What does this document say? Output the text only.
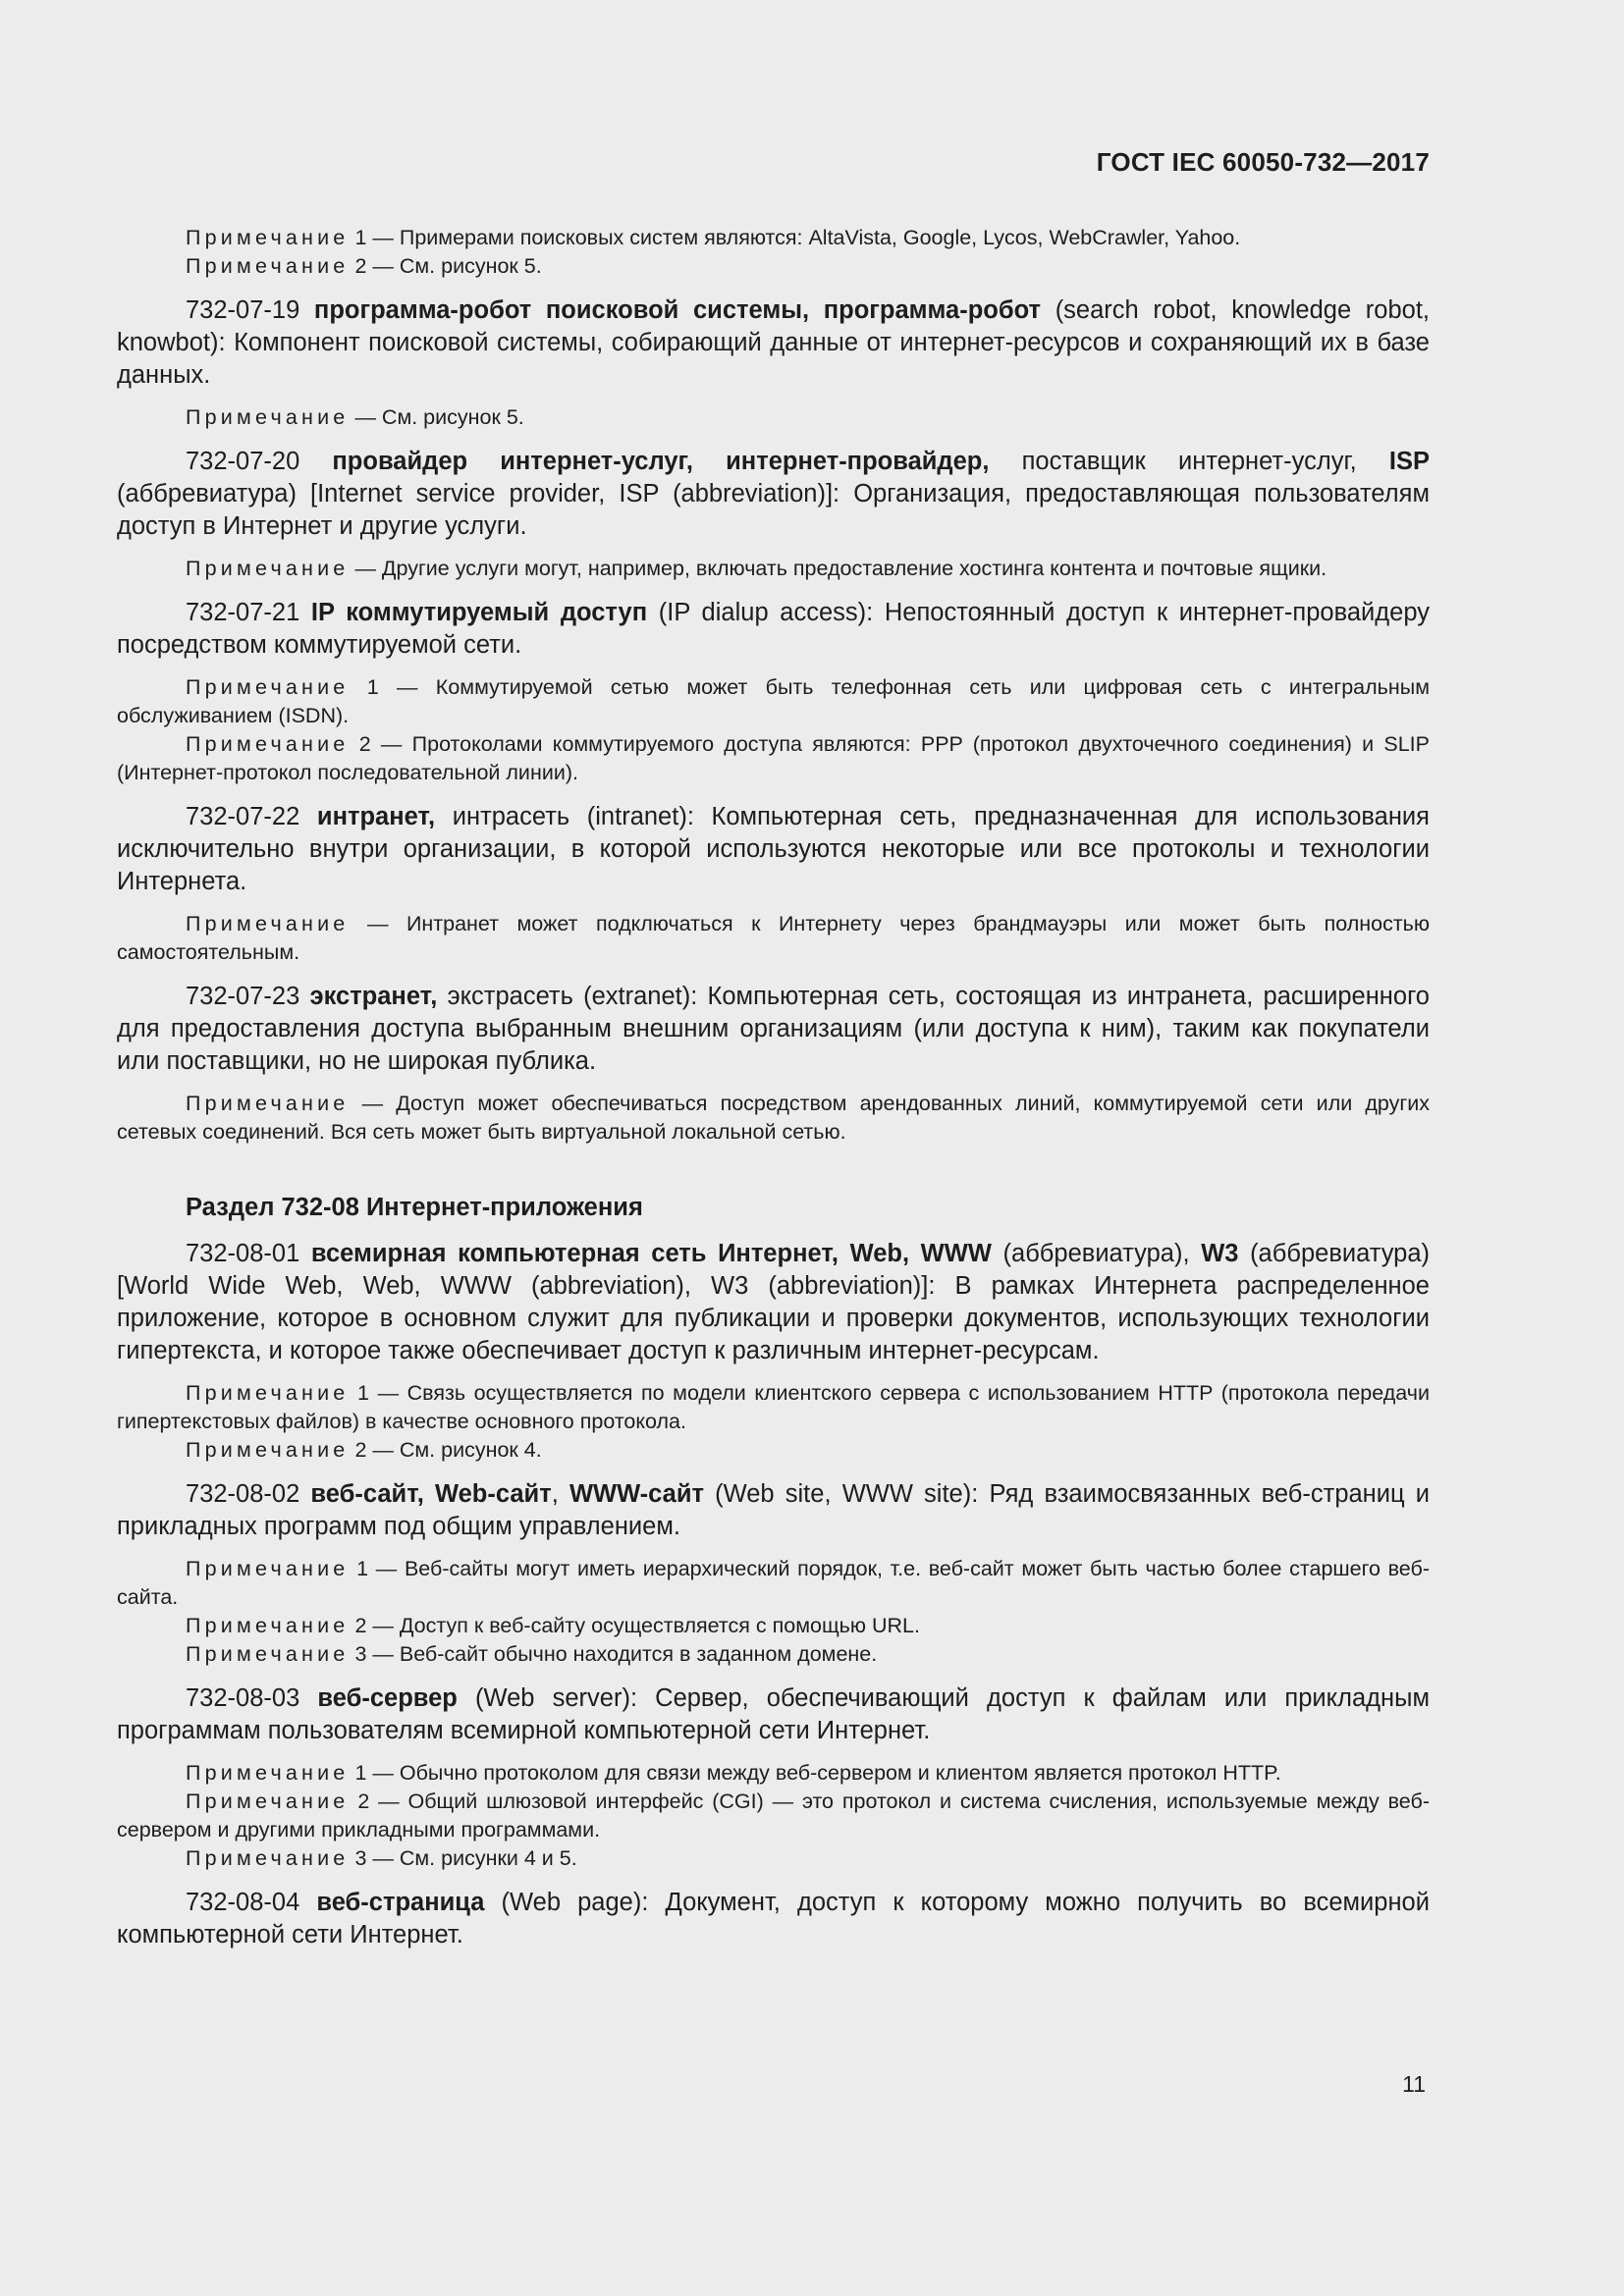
ГОСТ IEC 60050-732—2017

Примечание 1 — Примерами поисковых систем являются: AltaVista, Google, Lycos, WebCrawler, Yahoo.

Примечание 2 — См. рисунок 5.

732-07-19 программа-робот поисковой системы, программа-робот (search robot, knowledge robot, knowbot): Компонент поисковой системы, собирающий данные от интернет-ресурсов и сохраняющий их в базе данных.

Примечание — См. рисунок 5.

732-07-20 провайдер интернет-услуг, интернет-провайдер, поставщик интернет-услуг, ISP (аббревиатура) [Internet service provider, ISP (abbreviation)]: Организация, предоставляющая пользователям доступ в Интернет и другие услуги.

Примечание — Другие услуги могут, например, включать предоставление хостинга контента и почтовые ящики.

732-07-21 IP коммутируемый доступ (IP dialup access): Непостоянный доступ к интернет-провайдеру посредством коммутируемой сети.

Примечание 1 — Коммутируемой сетью может быть телефонная сеть или цифровая сеть с интегральным обслуживанием (ISDN).

Примечание 2 — Протоколами коммутируемого доступа являются: PPP (протокол двухточечного соединения) и SLIP (Интернет-протокол последовательной линии).

732-07-22 интранет, интрасеть (intranet): Компьютерная сеть, предназначенная для использования исключительно внутри организации, в которой используются некоторые или все протоколы и технологии Интернета.

Примечание — Интранет может подключаться к Интернету через брандмауэры или может быть полностью самостоятельным.

732-07-23 экстранет, экстрасеть (extranet): Компьютерная сеть, состоящая из интранета, расширенного для предоставления доступа выбранным внешним организациям (или доступа к ним), таким как покупатели или поставщики, но не широкая публика.

Примечание — Доступ может обеспечиваться посредством арендованных линий, коммутируемой сети или других сетевых соединений. Вся сеть может быть виртуальной локальной сетью.

Раздел 732-08 Интернет-приложения

732-08-01 всемирная компьютерная сеть Интернет, Web, WWW (аббревиатура), W3 (аббревиатура) [World Wide Web, Web, WWW (abbreviation), W3 (abbreviation)]: В рамках Интернета распределенное приложение, которое в основном служит для публикации и проверки документов, использующих технологии гипертекста, и которое также обеспечивает доступ к различным интернет-ресурсам.

Примечание 1 — Связь осуществляется по модели клиентского сервера с использованием HTTP (протокола передачи гипертекстовых файлов) в качестве основного протокола.

Примечание 2 — См. рисунок 4.

732-08-02 веб-сайт, Web-сайт, WWW-сайт (Web site, WWW site): Ряд взаимосвязанных веб-страниц и прикладных программ под общим управлением.

Примечание 1 — Веб-сайты могут иметь иерархический порядок, т.е. веб-сайт может быть частью более старшего веб-сайта.

Примечание 2 — Доступ к веб-сайту осуществляется с помощью URL.

Примечание 3 — Веб-сайт обычно находится в заданном домене.

732-08-03 веб-сервер (Web server): Сервер, обеспечивающий доступ к файлам или прикладным программам пользователям всемирной компьютерной сети Интернет.

Примечание 1 — Обычно протоколом для связи между веб-сервером и клиентом является протокол HTTP.

Примечание 2 — Общий шлюзовой интерфейс (CGI) — это протокол и система счисления, используемые между веб-сервером и другими прикладными программами.

Примечание 3 — См. рисунки 4 и 5.

732-08-04 веб-страница (Web page): Документ, доступ к которому можно получить во всемирной компьютерной сети Интернет.

11
